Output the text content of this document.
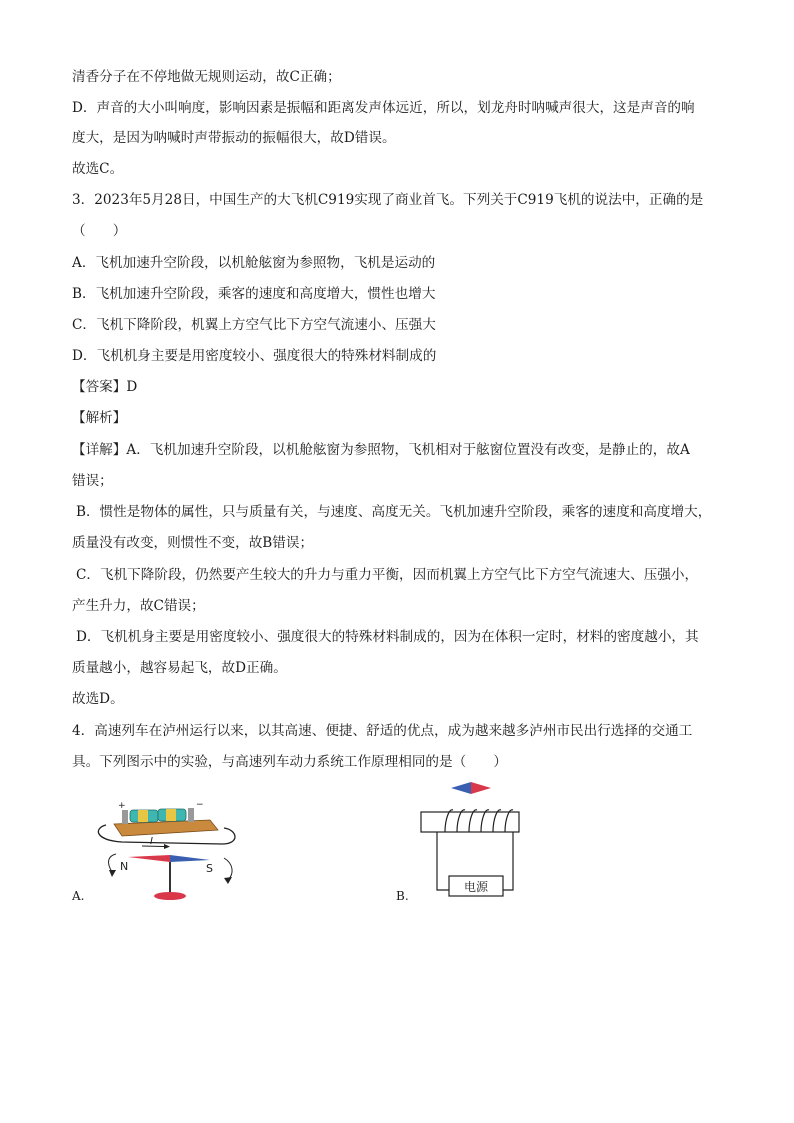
清香分子在不停地做无规则运动，故C正确；
D．声音的大小叫响度，影响因素是振幅和距离发声体远近，所以，划龙舟时呐喊声很大，这是声音的响
度大，是因为呐喊时声带振动的振幅很大，故D错误。
故选C。
3．2023年5月28日，中国生产的大飞机C919实现了商业首飞。下列关于C919飞机的说法中，正确的是
（　　）
A．飞机加速升空阶段，以机舱舷窗为参照物，飞机是运动的
B．飞机加速升空阶段，乘客的速度和高度增大，惯性也增大
C．飞机下降阶段，机翼上方空气比下方空气流速小、压强大
D．飞机机身主要是用密度较小、强度很大的特殊材料制成的
【答案】D
【解析】
【详解】A．飞机加速升空阶段，以机舱舷窗为参照物，飞机相对于舷窗位置没有改变，是静止的，故A
错误；
B．惯性是物体的属性，只与质量有关，与速度、高度无关。飞机加速升空阶段，乘客的速度和高度增大，
质量没有改变，则惯性不变，故B错误；
C．飞机下降阶段，仍然要产生较大的升力与重力平衡，因而机翼上方空气比下方空气流速大、压强小，
产生升力，故C错误；
D．飞机机身主要是用密度较小、强度很大的特殊材料制成的，因为在体积一定时，材料的密度越小，其
质量越小，越容易起飞，故D正确。
故选D。
4．高速列车在泸州运行以来，以其高速、便捷、舒适的优点，成为越来越多泸州市民出行选择的交通工
具。下列图示中的实验，与高速列车动力系统工作原理相同的是（　　）
+	−
I
N	S
A.
电源
B.
